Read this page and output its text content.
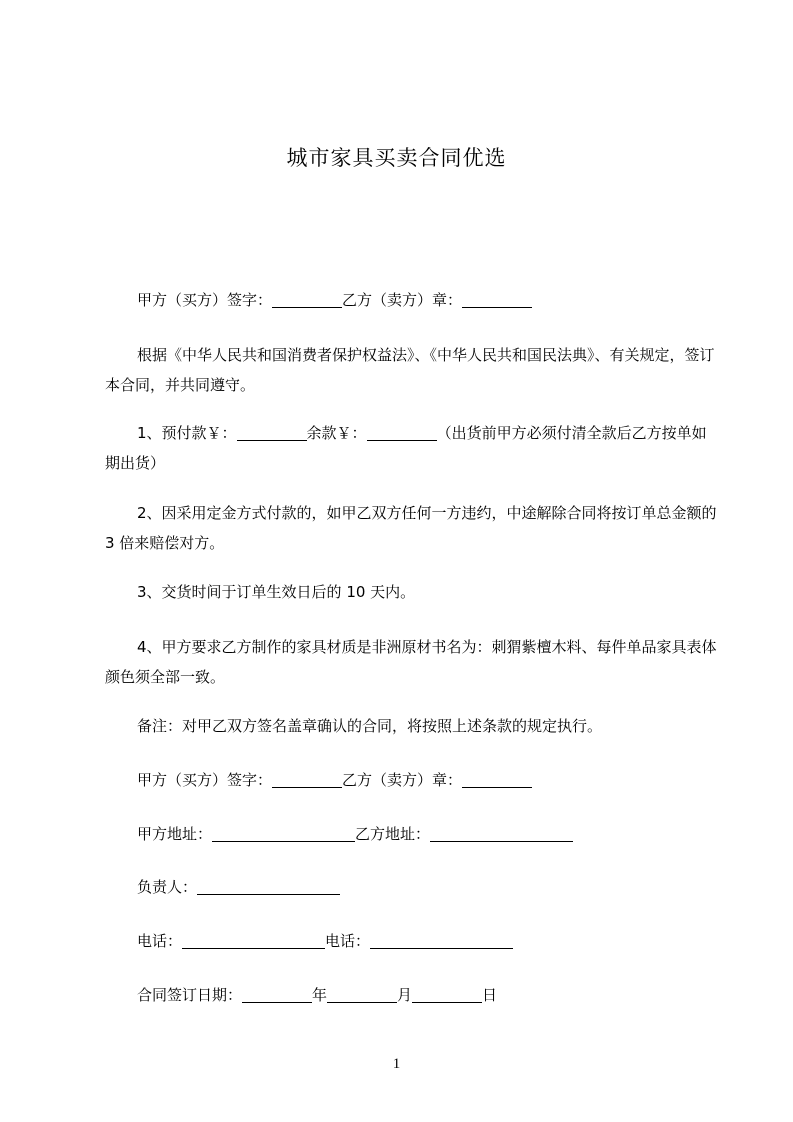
城市家具买卖合同优选
甲方（买方）签字：	乙方（卖方）章：
根据《中华人民共和国消费者保护权益法》、《中华人民共和国民法典》、有关规定，签订本合同，并共同遵守。
1、预付款￥：	余款￥：	（出货前甲方必须付清全款后乙方按单如期出货）
2、因采用定金方式付款的，如甲乙双方任何一方违约，中途解除合同将按订单总金额的 3 倍来赔偿对方。
3、交货时间于订单生效日后的 10 天内。
4、甲方要求乙方制作的家具材质是非洲原材书名为：刺猬紫檀木料、每件单品家具表体颜色须全部一致。
备注：对甲乙双方签名盖章确认的合同，将按照上述条款的规定执行。
甲方（买方）签字：	乙方（卖方）章：
甲方地址：	乙方地址：
负责人：
电话：	电话：
合同签订日期：	年	月	日
1
